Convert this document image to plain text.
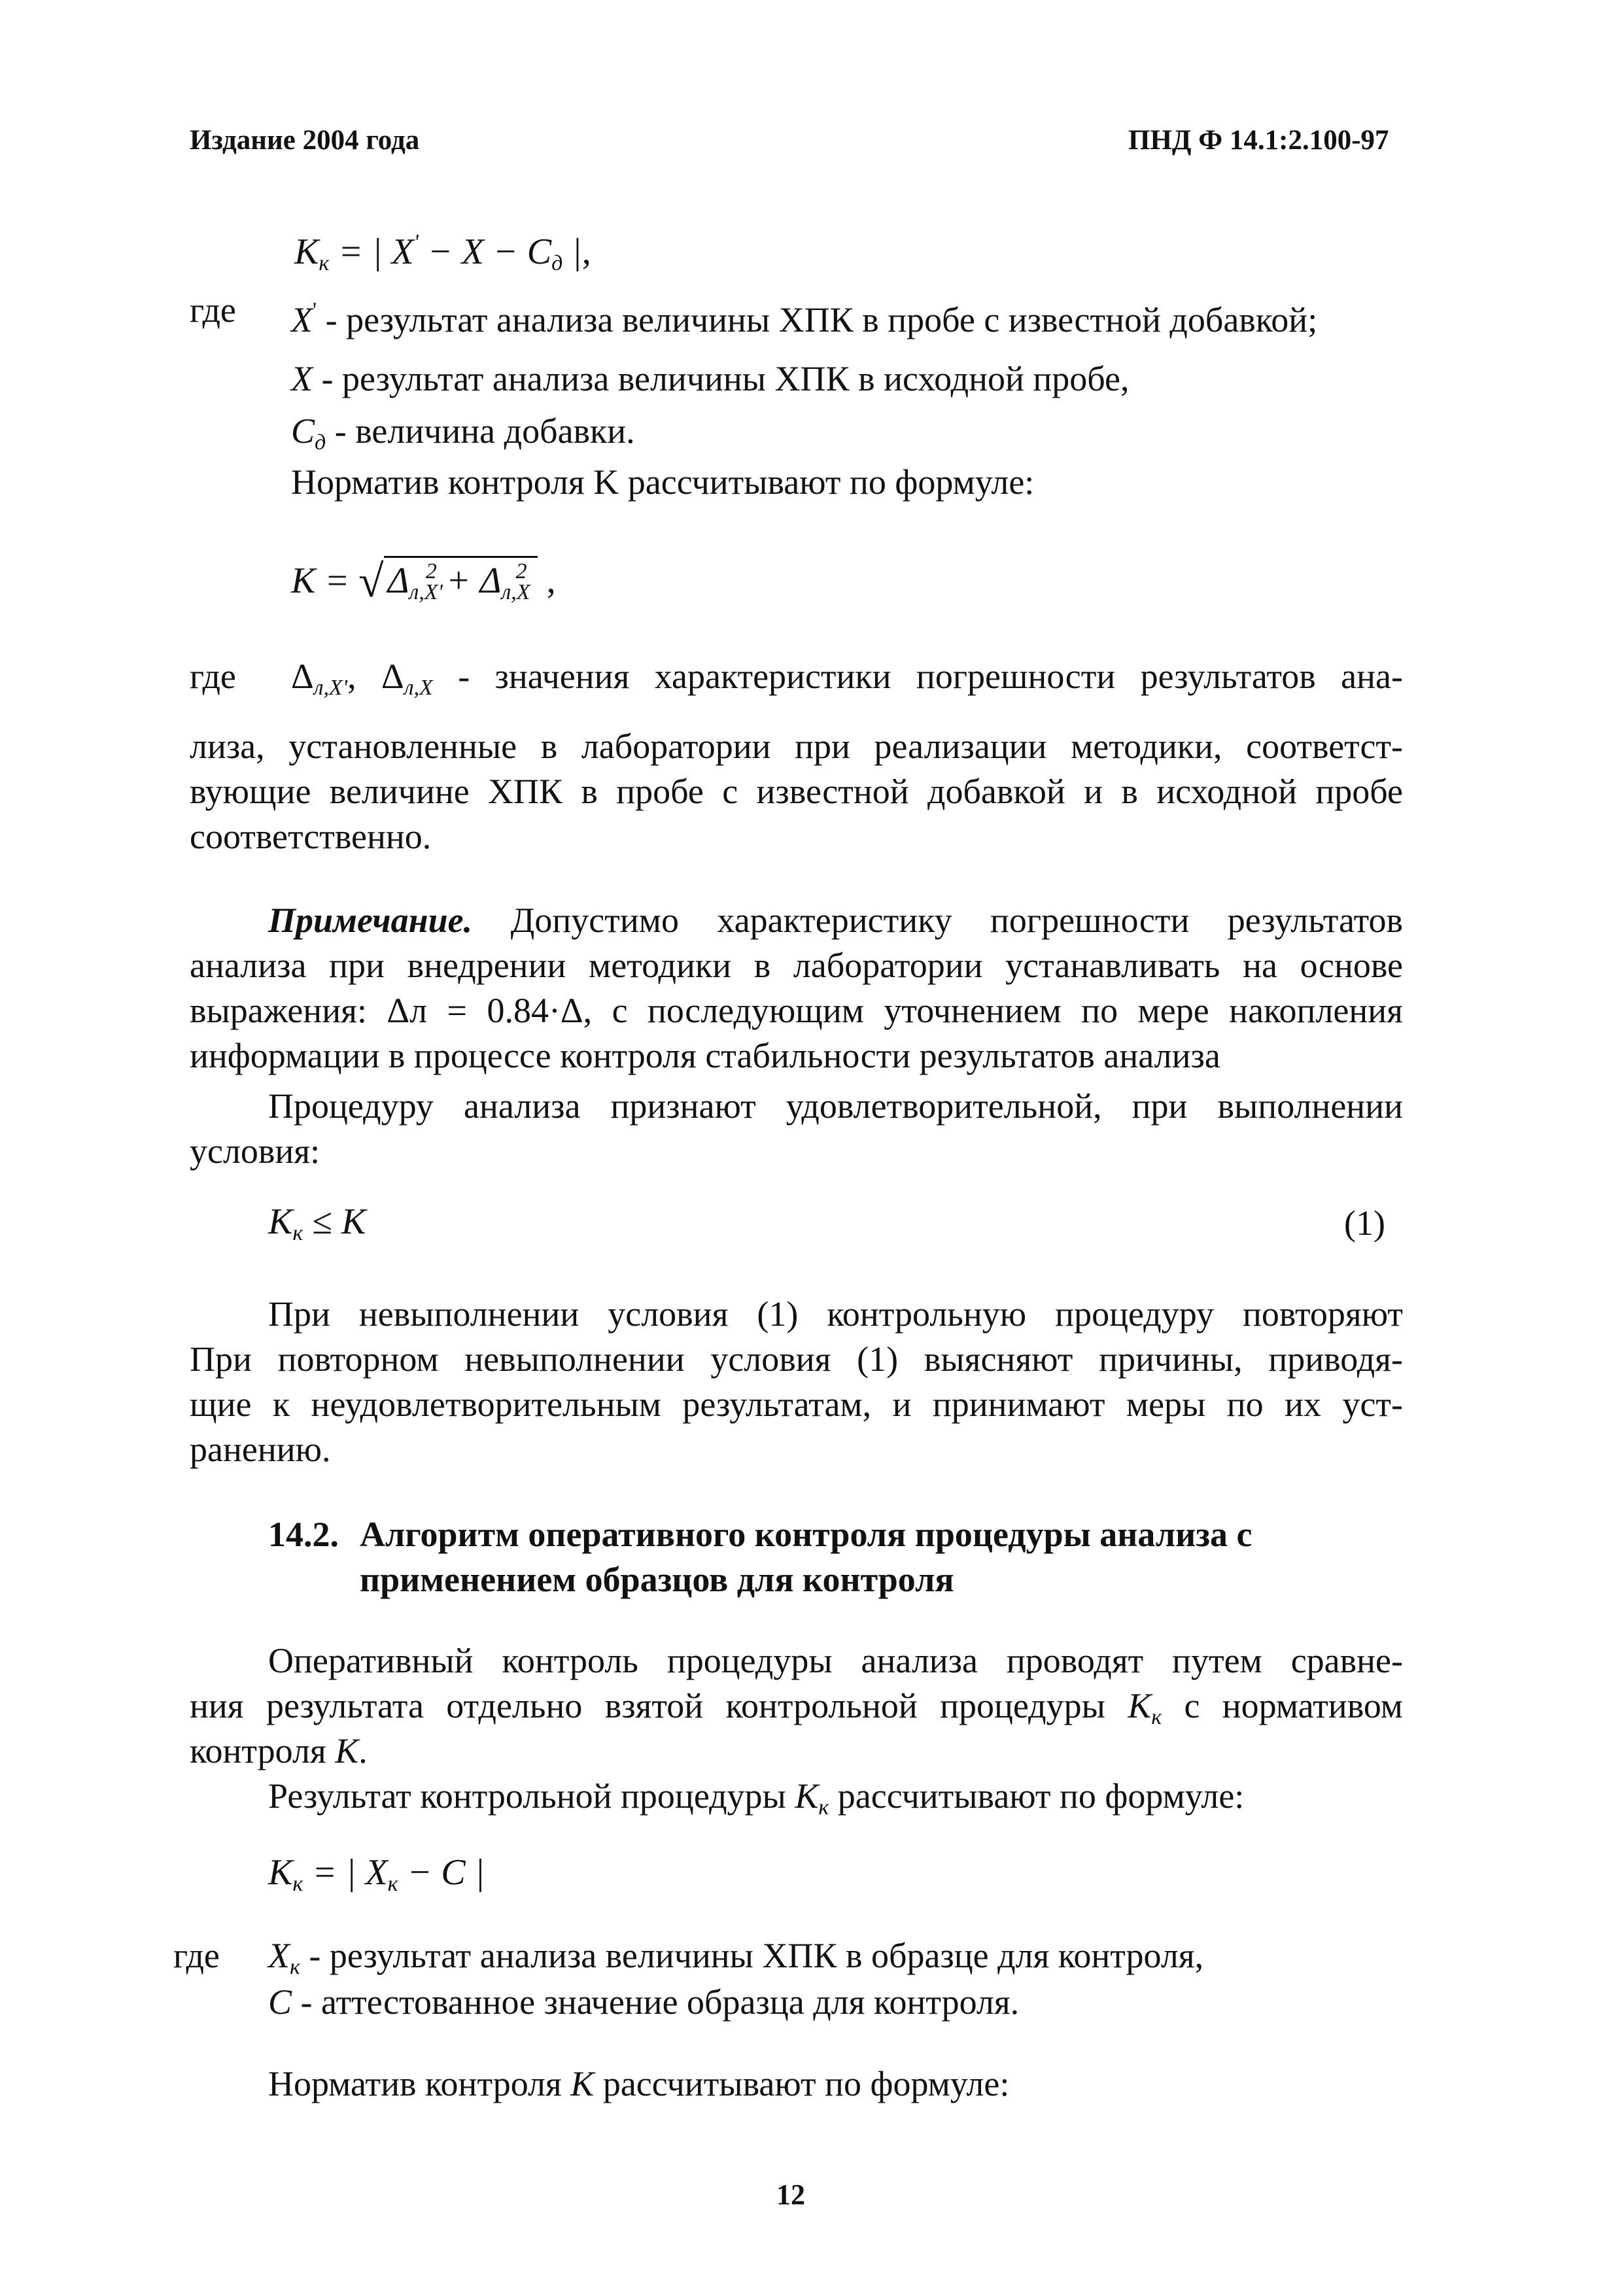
Издание 2004 года	ПНД Ф 14.1:2.100-97
$K_к$ = | $X' - X - C_д$ |,
где X' - результат анализа величины ХПК в пробе с известной добавкой;
X - результат анализа величины ХПК в исходной пробе,
$C_д$ - величина добавки.
Норматив контроля K рассчитывают по формуле:
K = √ $\Delta_{л,X'}^2 + \Delta_{л,X}^2$ ,
где $\Delta_{л,X'}$, $\Delta_{л,X}$ - значения характеристики погрешности результатов ана-
лиза, установленные в лаборатории при реализации методики, соответст-
вующие величине ХПК в пробе с известной добавкой и в исходной пробе
соответственно.
Примечание. Допустимо характеристику погрешности результатов
анализа при внедрении методики в лаборатории устанавливать на основе
выражения: Δл = 0.84·Δ, с последующим уточнением по мере накопления
информации в процессе контроля стабильности результатов анализа
Процедуру анализа признают удовлетворительной, при выполнении
условия:
$K_к \le K$	(1)
При невыполнении условия (1) контрольную процедуру повторяют
При повторном невыполнении условия (1) выясняют причины, приводя-
щие к неудовлетворительным результатам, и принимают меры по их уст-
ранению.
14.2. Алгоритм оперативного контроля процедуры анализа с
применением образцов для контроля
Оперативный контроль процедуры анализа проводят путем сравне-
ния результата отдельно взятой контрольной процедуры $K_к$ с нормативом
контроля K.
Результат контрольной процедуры $K_к$ рассчитывают по формуле:
$K_к$ = | $X_к - C$ |
где $X_к$ - результат анализа величины ХПК в образце для контроля,
C - аттестованное значение образца для контроля.
Норматив контроля K рассчитывают по формуле:
12
